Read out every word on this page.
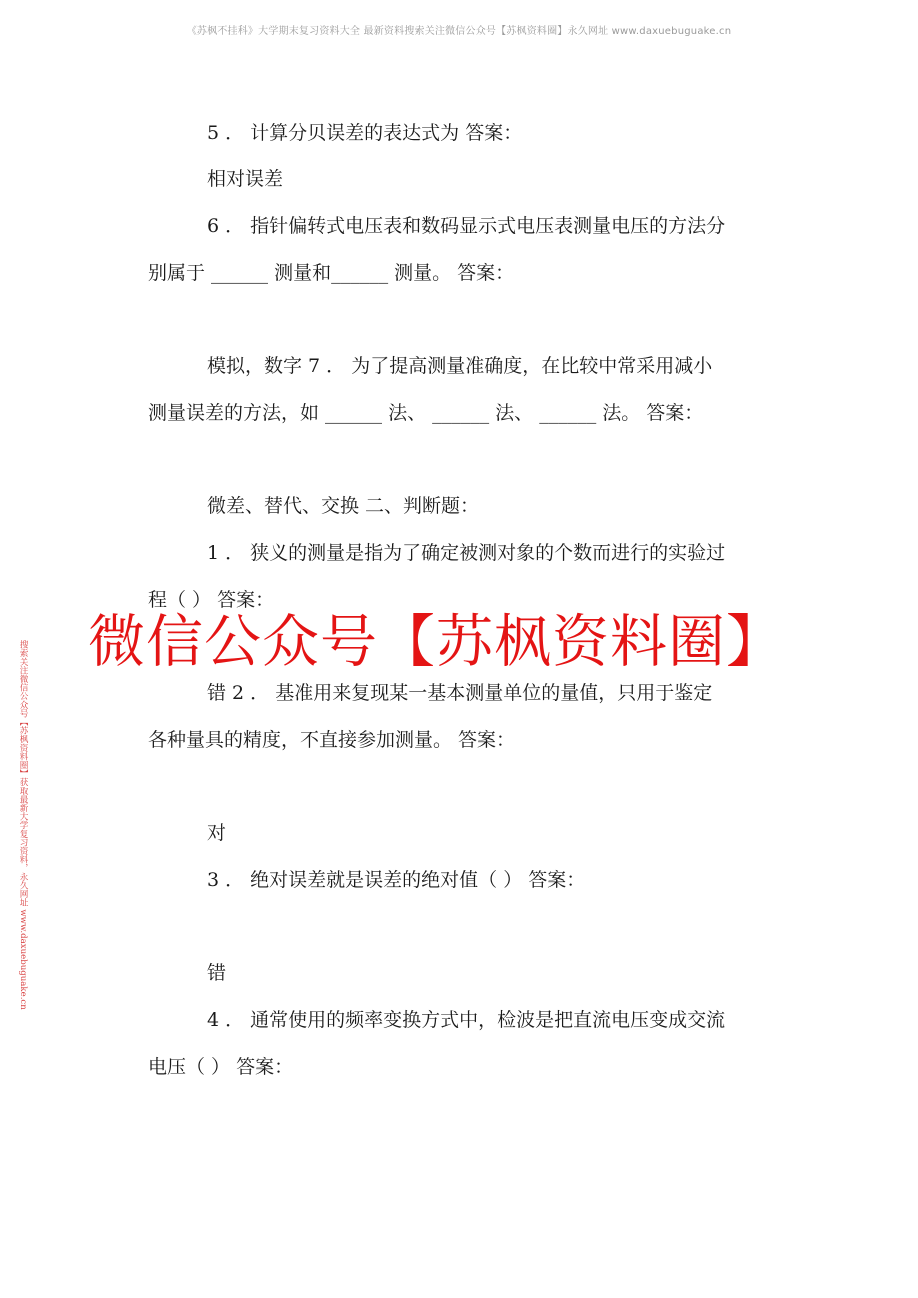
《苏枫不挂科》大学期末复习资料大全 最新资料搜索关注微信公众号【苏枫资料圈】永久网址 www.daxuebuguake.cn
5 ． 计算分贝误差的表达式为 答案：
相对误差
6 ． 指针偏转式电压表和数码显示式电压表测量电压的方法分
别属于 ______ 测量和______ 测量。 答案：
模拟，数字 7 ． 为了提高测量准确度，在比较中常采用减小
测量误差的方法，如 ______ 法、 ______ 法、 ______ 法。 答案：
微差、替代、交换 二、判断题：
1 ． 狭义的测量是指为了确定被测对象的个数而进行的实验过
程（ ） 答案：
错 2 ． 基准用来复现某一基本测量单位的量值，只用于鉴定
各种量具的精度，不直接参加测量。 答案：
对
3 ． 绝对误差就是误差的绝对值（ ） 答案：
错
4 ． 通常使用的频率变换方式中，检波是把直流电压变成交流
电压（ ） 答案：
微信公众号【苏枫资料圈】
搜索关注微信公众号【苏枫资料圈】获取最新大学复习资料，永久网址 www.daxuebuguake.cn
